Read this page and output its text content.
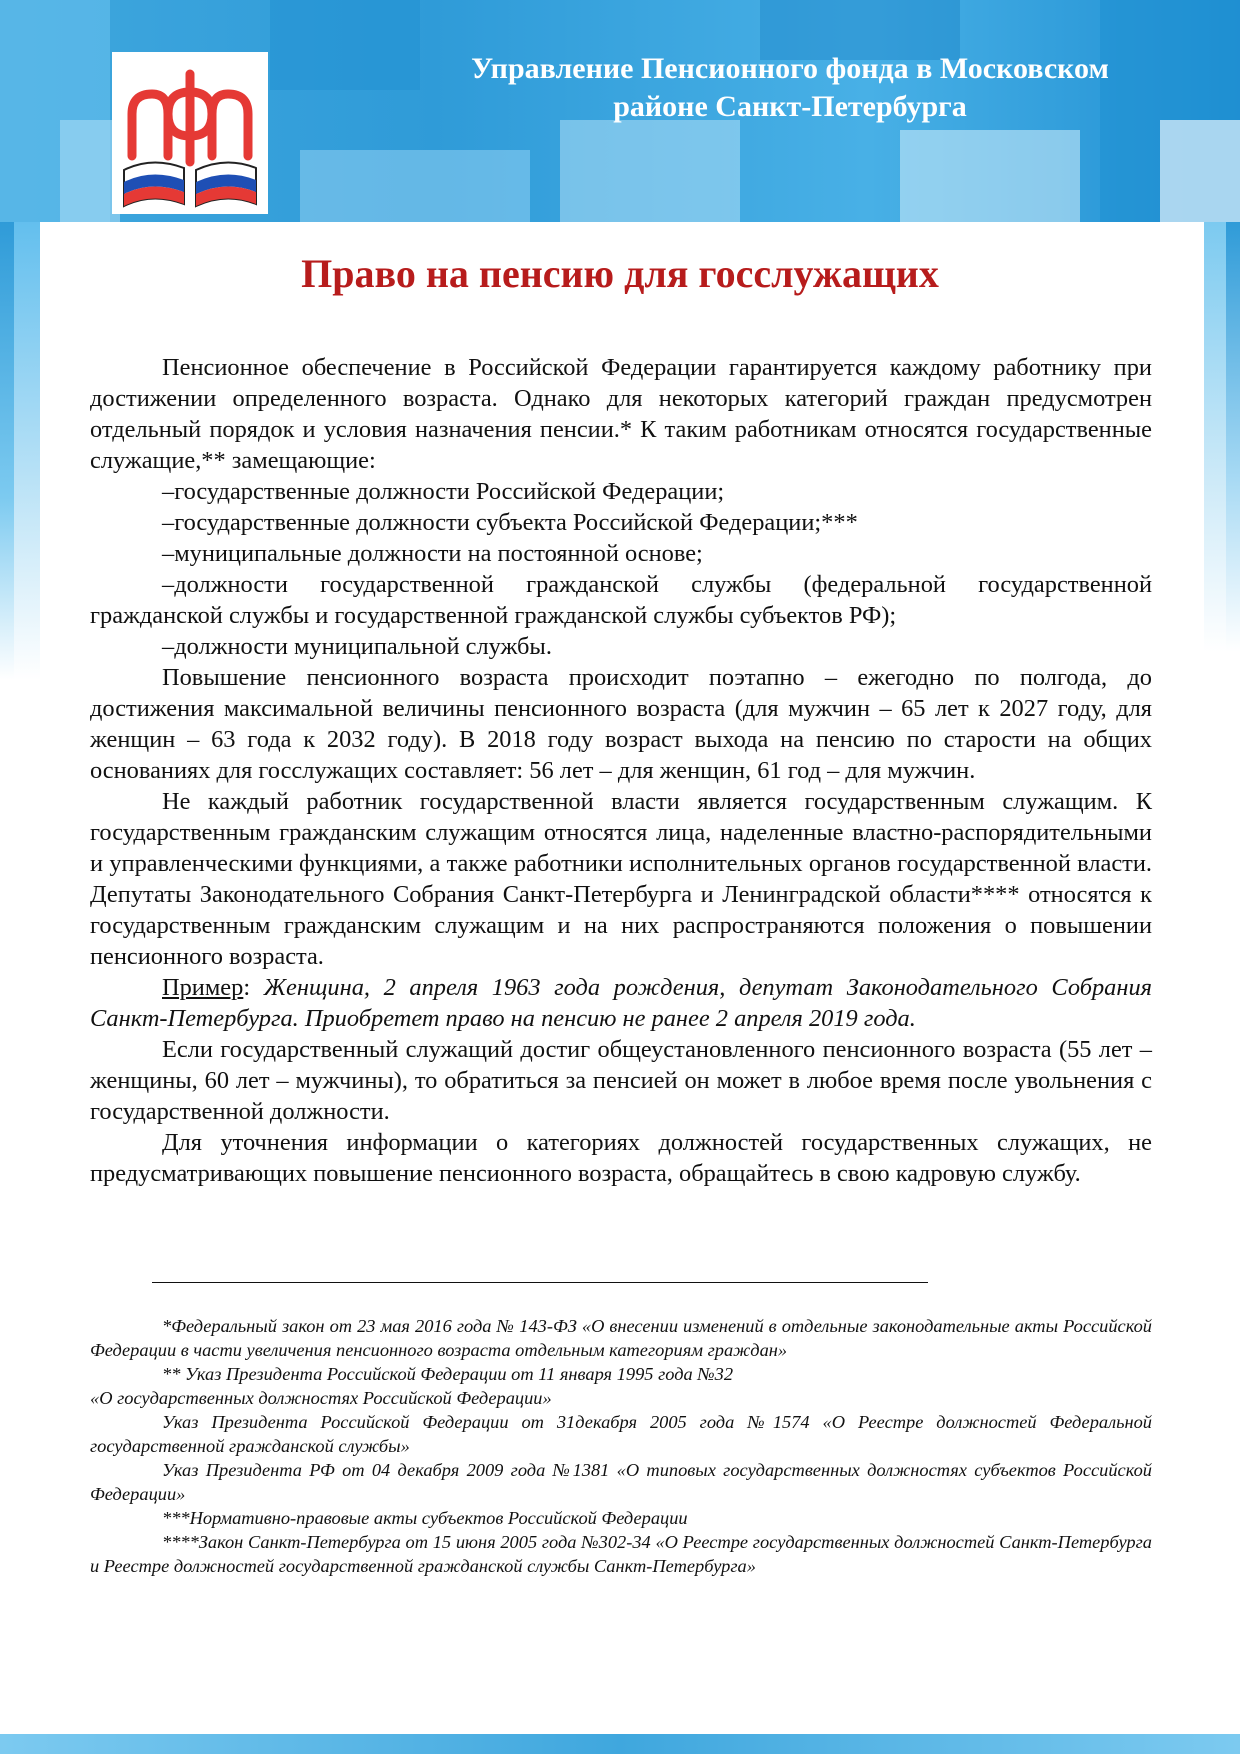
Управление Пенсионного фонда в Московском
районе Санкт-Петербурга
Право на пенсию для госслужащих

Пенсионное обеспечение в Российской Федерации гарантируется каждому работнику при достижении определенного возраста. Однако для некоторых категорий граждан предусмотрен отдельный порядок и условия назначения пенсии.* К таким работникам относятся государственные служащие,** замещающие:

–государственные должности Российской Федерации;

–государственные должности субъекта Российской Федерации;***

–муниципальные должности на постоянной основе;

–должности государственной гражданской службы (федеральной государственной гражданской службы и государственной гражданской службы субъектов РФ);

–должности муниципальной службы.

Повышение пенсионного возраста происходит поэтапно – ежегодно по полгода, до достижения максимальной величины пенсионного возраста (для мужчин – 65 лет к 2027 году, для женщин – 63 года к 2032 году). В 2018 году возраст выхода на пенсию по старости на общих основаниях для госслужащих составляет: 56 лет – для женщин, 61 год – для мужчин.

Не каждый работник государственной власти является государственным служащим. К государственным гражданским служащим относятся лица, наделенные властно-распорядительными и управленческими функциями, а также работники исполнительных органов государственной власти. Депутаты Законодательного Собрания Санкт-Петербурга и Ленинградской области**** относятся к государственным гражданским служащим и на них распространяются положения о повышении пенсионного возраста.

Пример: Женщина, 2 апреля 1963 года рождения, депутат Законодательного Собрания Санкт-Петербурга. Приобретет право на пенсию не ранее 2 апреля 2019 года.

Если государственный служащий достиг общеустановленного пенсионного возраста (55 лет – женщины, 60 лет – мужчины), то обратиться за пенсией он может в любое время после увольнения с государственной должности.

Для уточнения информации о категориях должностей государственных служащих, не предусматривающих повышение пенсионного возраста, обращайтесь в свою кадровую службу.

*Федеральный закон от 23 мая 2016 года № 143-ФЗ «О внесении изменений в отдельные законодательные акты Российской Федерации в части увеличения пенсионного возраста отдельным категориям граждан»

** Указ Президента Российской Федерации от 11 января 1995 года №32

«О государственных должностях Российской Федерации»

Указ Президента Российской Федерации от 31декабря 2005 года №1574 «О Реестре должностей Федеральной государственной гражданской службы»

Указ Президента РФ от 04 декабря 2009 года №1381 «О типовых государственных должностях субъектов Российской Федерации»

***Нормативно-правовые акты субъектов Российской Федерации

****Закон Санкт-Петербурга от 15 июня 2005 года №302-34 «О Реестре государственных должностей Санкт-Петербурга и Реестре должностей государственной гражданской службы Санкт-Петербурга»
